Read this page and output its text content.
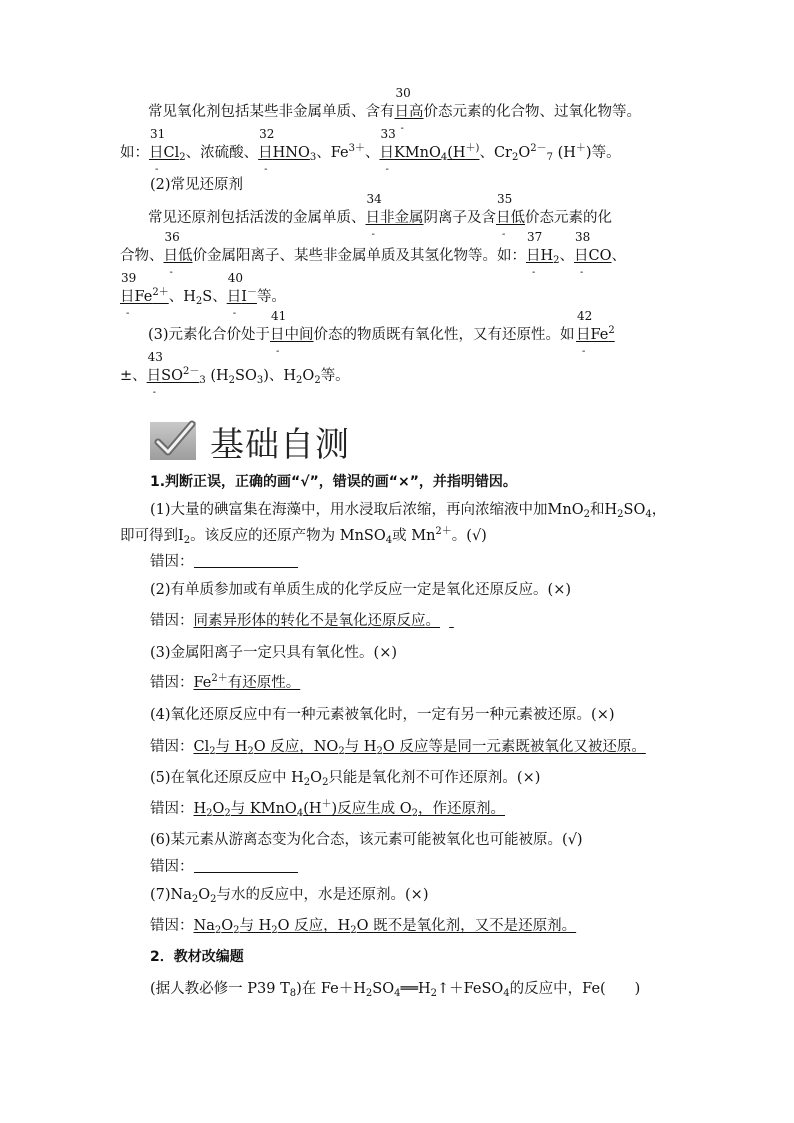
常见氧化剂包括某些非金属单质、含有
30
日
-
高价态元素的化合物、过氧化物等。
如：
31
日
-
$Cl_2$、浓硫酸、
32
日
-
$HNO_3$、$Fe^{3+}$、
33
日
-
KMnO$_4$(H＋)、$Cr_2O^{2-}_7$ (H＋)等。
(2)常见还原剂
常见还原剂包括活泼的金属单质、
34
日
-
非金属阴离子及含
35
日
-
低价态元素的化
合物、
36
日
-
低价金属阳离子、某些非金属单质及其氢化物等。如：
37
日
-
$H_2$、
38
日
-
CO、
39
日
-
$Fe^{2+}$、$H_2S$、
40
日
-
I－等。
(3)元素化合价处于
41
日
-
中间价态的物质既有氧化性，又有还原性。如 
42
日
-
$Fe^2$
±、
43
日
-
$SO^{2-}_3$ $(H_2SO_3)$、$H_2O_2$等。
基础自测
1.判断正误，正确的画“√”，错误的画“×”，并指明错因。
(1)大量的碘富集在海藻中，用水浸取后浓缩，再向浓缩液中加MnO$_2$和$H_2SO_4$，
即可得到$I_2$。该反应的还原产物为 MnSO$_4$或 $Mn^{2+}$。(√)
错因：
(2)有单质参加或有单质生成的化学反应一定是氧化还原反应。(×)
错因：同素异形体的转化不是氧化还原反应。
(3)金属阳离子一定只具有氧化性。(×)
错因：$Fe^{2+}$有还原性。
(4)氧化还原反应中有一种元素被氧化时，一定有另一种元素被还原。(×)
错因：$Cl_2$与 $H_2O$ 反应，$NO_2$与 $H_2O$ 反应等是同一元素既被氧化又被还原。
(5)在氧化还原反应中 $H_2O_2$只能是氧化剂不可作还原剂。(×)
错因：$H_2O_2$与 KMnO$_4$(H＋)反应生成 $O_2$，作还原剂。
(6)某元素从游离态变为化合态，该元素可能被氧化也可能被原。(√)
错因：
$(7)Na_2O_2$与水的反应中，水是还原剂。(×)
错因：$Na_2O_2$与 $H_2O$ 反应，$H_2O$ 既不是氧化剂，又不是还原剂。
2．教材改编题
(据人教必修一 P39 $T_8$)在 $Fe+H_2SO_4══H_2↑+FeSO_4$的反应中，Fe(　　)
